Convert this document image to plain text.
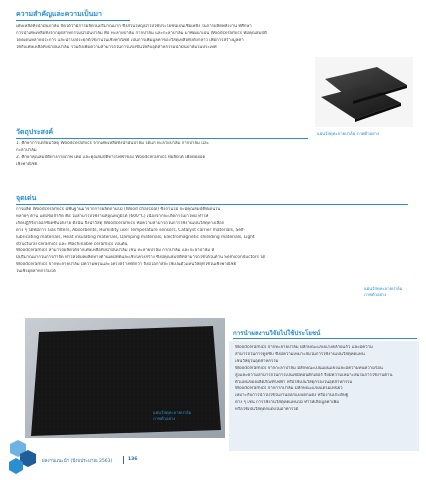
ความสำคัญและความเป็นมา
เศษเหลือทิ้งน้ำมันปาล์ม จัดได้ว่ามีการผลิตในปริมาณมาก ซึ่งส่วนใหญ่นำไปใช้ประโยชน์เป็นเชื้อเพลิง ในการผลิตพลังงาน ที่ศึกษา
การนำเศษเหลือทิ้งจากอุตสาหกรรมน้ำมันปาล์ม คือ ทะลายปาล์ม กากปาล์ม และกะลาปาล์ม มาพัฒนาเป็น Woodceramics ที่มีคุณสมบัติ
โดดเด่นหลายประการ และนำไปประยุกต์ใช้งานในเชิงพาณิชย์ เป็นการเพิ่มมูลค่าของวัสดุเหลือทิ้งดังกล่าว เพื่อการสร้างมูลค่า
ให้กับเศษเหลือทิ้งน้ำมันปาล์ม รวมถึงเพิ่มความสามารถในการแข่งขันให้กับอุตสาหกรรมน้ำมันปาล์มในประเทศ
แผ่นวัสดุทะลายปาล์ม ภาพตัวอย่าง
วัตถุประสงค์
1. ศึกษาการเตรียมวัสดุ Woodceramics จากเศษเหลือทิ้งน้ำมันปาล์ม ได้แก่ ทะลายปาล์ม กากปาล์ม และ
กะลาปาล์ม
2. ศึกษาคุณสมบัติทางกายภาพ เคมี และคุณสมบัติทางไฟฟ้าของ Woodceramics ที่ผลิตได้ เพื่อต่อยอด
เชิงพาณิชย์
จุดเด่น
การผลิต Woodceramics มีพื้นฐานมาจากการผลิตถ่านไม้ (Wood charcoal) ซึ่งถ่านไม้ จะมีคุณสมบัติที่เด่นใน
หลายๆ ด้าน แต่มีข้อจำกัด คือ ไม่สามารถใช้งานที่อุณหภูมิได้ (600°C) เนื่องจากจะเกิดการเผาไหม้ ทำให้
เกิดปฏิกิริยาออกซิเดชันได้ง่าย ดังนั้น จึงนำวัสดุ Woodceramics ที่มีความสามารถในการใช้งานเป็นวัสดุทางเลือก
ต่าง ๆ ได้ที่มีการ Gas filters, Absorbents, Humidity use: Temperature sensors, Catalyst carrier materials, Self-
lubricating materials, Heat insulating materials, Damping materials, Electromagnetic shielding materials, Light
structural ceramics และ Machinable ceramics เป็นต้น
Woodceramics สามารถผลิตได้จากเศษเหลือทิ้งน้ำมันปาล์ม เช่น ทะลายปาล์ม กากปาล์ม และกะลาปาล์ม ที่
มีปริมาณมากในการกำจัด ทำให้ได้ผลผลิตทางด้านเคมีที่ดีและเชิงโครงสร้าง ซึ่งมีคุณสมบัติที่สามารถใช้ได้ในด้าน Semiconductors ได้
Woodceramics จากทะลายปาล์ม มีความพรุนและโครงสร้างที่ดีกว่า จึงมีโอกาสจะใช้เป็นตัวแทนวัสดุที่ใช้ในเชิงพาณิชย์
ในเชิงอุตสาหกรรมได้
แผ่นวัสดุทะลายปาล์ม
ภาพตัวอย่าง
แผ่นวัสดุทะลายปาล์ม
ภาพตัวอย่าง
การนำผลงานวิจัยไปใช้ประโยชน์
Woodceramics จากทะลายปาล์ม มีลักษณะแข็งแรงคล้ายแก้ว และมีความ
สามารถในการดูดซับ ซึ่งมีความเหมาะสมในการใช้งานเป็นวัสดุทดแทน
เช่นวัสดุในอุตสาหกรรม
Woodceramics จากกะลาปาล์ม มีลักษณะเป็นแผ่นแข็งและมีความทนความร้อน
สูงและความสามารถในการเป็นเซมิคอนดักเตอร์ จึงมีความเหมาะสมในการใช้งานด้าน
ตัวแทนของผลิตภัณฑ์ไฟฟ้า หรือใช้เป็นวัสดุกรองในอุตสาหกรรม
Woodceramics จากกากปาล์ม มีลักษณะแข็งแต่ไม่เหนียว
เหมาะกับการนำไปใช้ในงานออกแบบตกแต่ง หรืองานประดิษฐ์
ต่าง ๆ เช่น การใช้งานวัสดุทดแทนไม้ ทำให้เกิดมูลค่าเพิ่ม
หรือใช้เป็นวัสดุตกแต่งในอาคารได้
ผลงานแนะนำ (ปีงบประมาณ 2563)	136
